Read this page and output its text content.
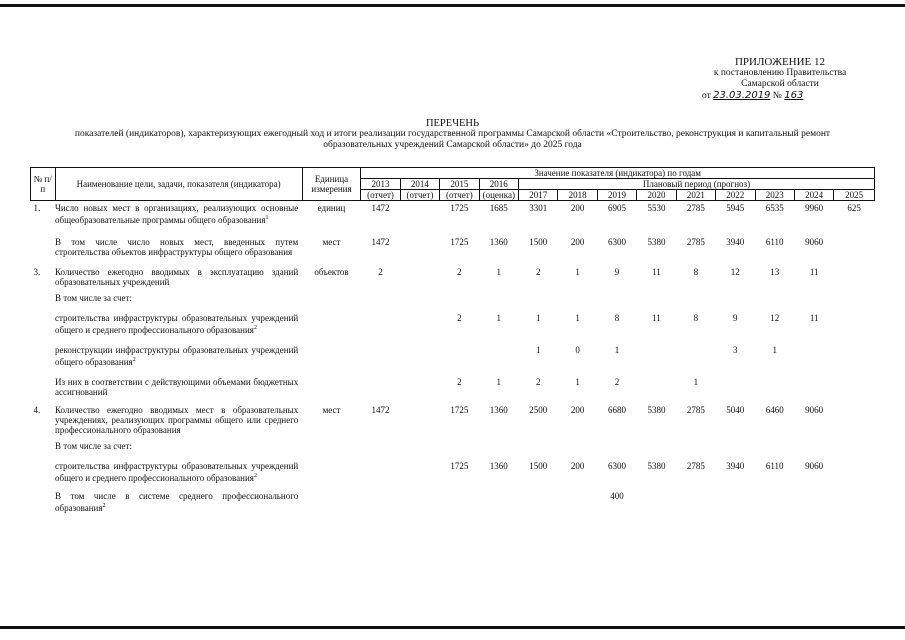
ПРИЛОЖЕНИЕ 12
к постановлению Правительства
Самарской области
от 23.03.2019 № 163
ПЕРЕЧЕНЬ
показателей (индикаторов), характеризующих ежегодный ход и итоги реализации государственной программы Самарской области «Строительство, реконструкция и капитальный ремонт
образовательных учреждений Самарской области» до 2025 года
№ п/п	Наименование цели, задачи, показателя (индикатора)	Единица измерения	Значение показателя (индикатора) по годам												
			2013	2014	2015	2016	Плановый период (прогноз)								
			(отчет)	(отчет)	(отчет)	(оценка)	2017	2018	2019	2020	2021	2022	2023	2024	2025

1.	Число новых мест в организациях, реализующих основные общеобразовательные программы общего образования$^1$	единиц	1472		1725	1685	3301	200	6905	5530	2785	5945	6535	9960	625

	В том числе число новых мест, введенных путем строительства объектов инфраструктуры общего образования	мест	1472		1725	1360	1500	200	6300	5380	2785	3940	6110	9060	

3.	Количество ежегодно вводимых в эксплуатацию зданий образовательных учреждений	объектов	2		2	1	2	1	9	11	8	12	13	11	

	В том числе за счет:														

	строительства инфраструктуры образовательных учреждений общего и среднего профессионального образования$^2$				2	1	1	1	8	11	8	9	12	11	

	реконструкции инфраструктуры образовательных учреждений общего образования$^2$						1	0	1			3	1		

	Из них в соответствии с действующими объемами бюджетных ассигнований				2	1	2	1	2		1				

4.	Количество ежегодно вводимых мест в образовательных учреждениях, реализующих программы общего или среднего профессионального образования	мест	1472		1725	1360	2500	200	6680	5380	2785	5040	6460	9060	

	В том числе за счет:														

	строительства инфраструктуры образовательных учреждений общего и среднего профессионального образования$^2$				1725	1360	1500	200	6300	5380	2785	3940	6110	9060	

	В том числе в системе среднего профессионального образования$^2$								400						
